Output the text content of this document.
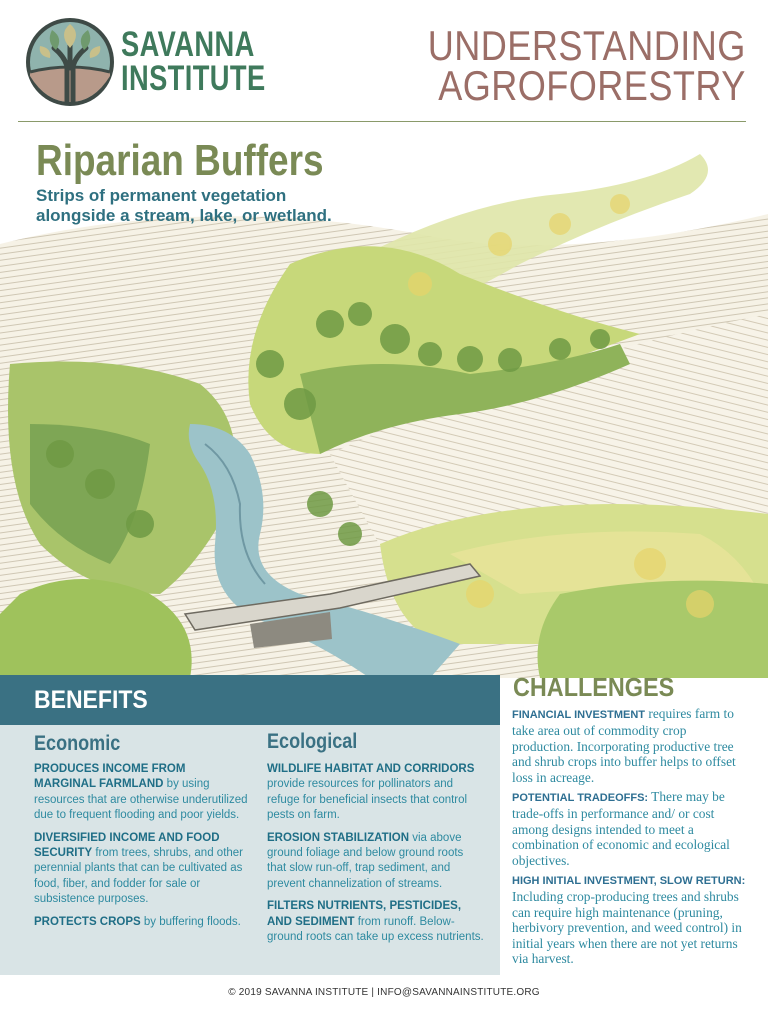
SAVANNA
INSTITUTE
UNDERSTANDING
AGROFORESTRY
Riparian Buffers
Strips of permanent vegetation
alongside a stream, lake, or wetland.
BENEFITS
Economic

PRODUCES INCOME FROM MARGINAL FARMLAND by using resources that are otherwise underutilized due to frequent flooding and poor yields.

DIVERSIFIED INCOME AND FOOD SECURITY from trees, shrubs, and other perennial plants that can be cultivated as food, fiber, and fodder for sale or subsistence purposes.

PROTECTS CROPS by buffering floods.

Ecological

WILDLIFE HABITAT AND CORRIDORS provide resources for pollinators and refuge for beneficial insects that control pests on farm.

EROSION STABILIZATION via above ground foliage and below ground roots that slow run-off, trap sediment, and prevent channelization of streams.

FILTERS NUTRIENTS, PESTICIDES, AND SEDIMENT from runoff. Below-ground roots can take up excess nutrients.

CHALLENGES

FINANCIAL INVESTMENT requires farm to take area out of commodity crop production. Incorporating productive tree and shrub crops into buffer helps to offset loss in acreage.

POTENTIAL TRADEOFFS: There may be trade-offs in performance and/ or cost among designs intended to meet a combination of economic and ecological objectives.

HIGH INITIAL INVESTMENT, SLOW RETURN: Including crop-producing trees and shrubs can require high maintenance (pruning, herbivory prevention, and weed control) in initial years when there are not yet returns via harvest.

© 2019 SAVANNA INSTITUTE | INFO@SAVANNAINSTITUTE.ORG
